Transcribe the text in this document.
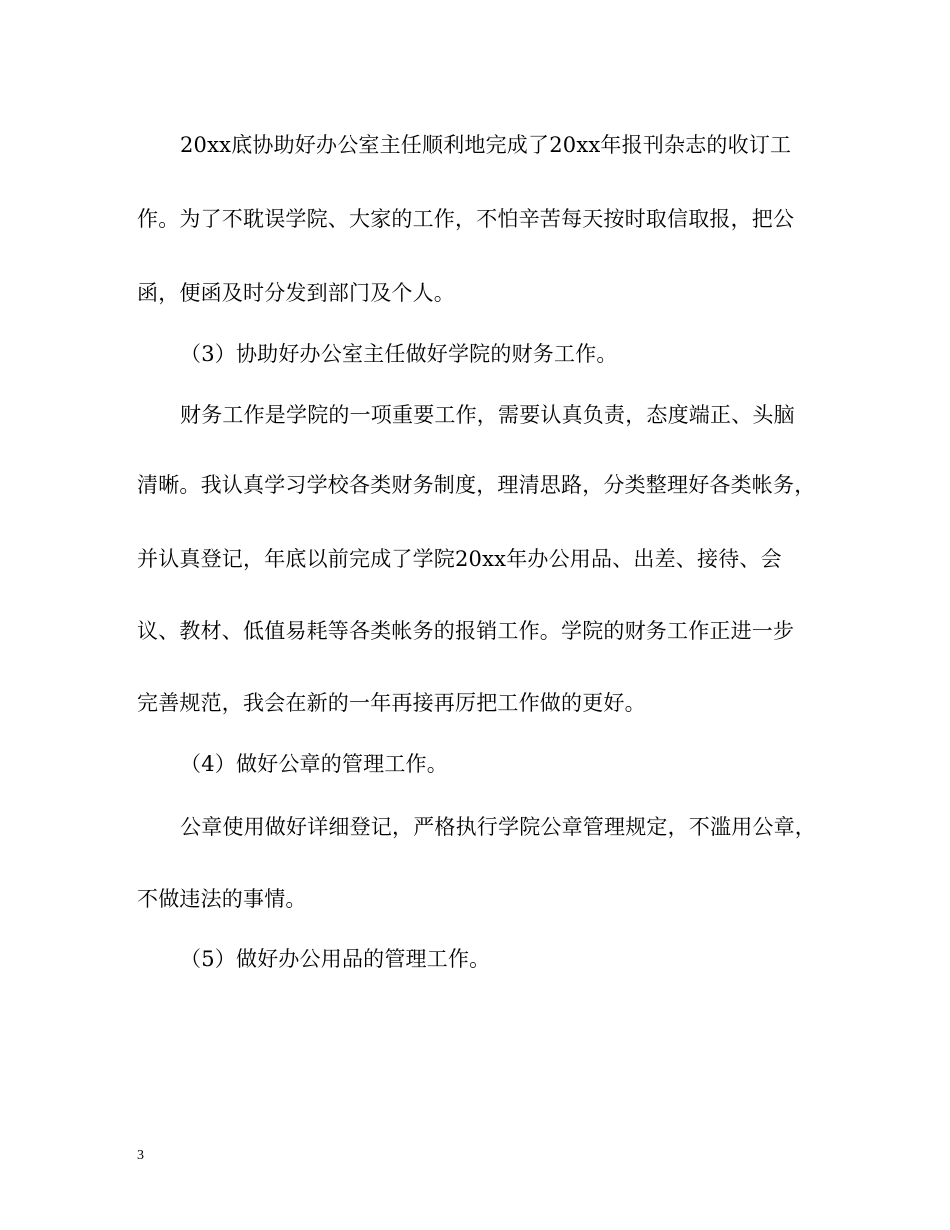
20xx底协助好办公室主任顺利地完成了20xx年报刊杂志的收订工
作。为了不耽误学院、大家的工作，不怕辛苦每天按时取信取报，把公
函，便函及时分发到部门及个人。
（3）协助好办公室主任做好学院的财务工作。
财务工作是学院的一项重要工作，需要认真负责，态度端正、头脑
清晰。我认真学习学校各类财务制度，理清思路，分类整理好各类帐务，
并认真登记，年底以前完成了学院20xx年办公用品、出差、接待、会
议、教材、低值易耗等各类帐务的报销工作。学院的财务工作正进一步
完善规范，我会在新的一年再接再厉把工作做的更好。
（4）做好公章的管理工作。
公章使用做好详细登记，严格执行学院公章管理规定，不滥用公章，
不做违法的事情。
（5）做好办公用品的管理工作。
3
